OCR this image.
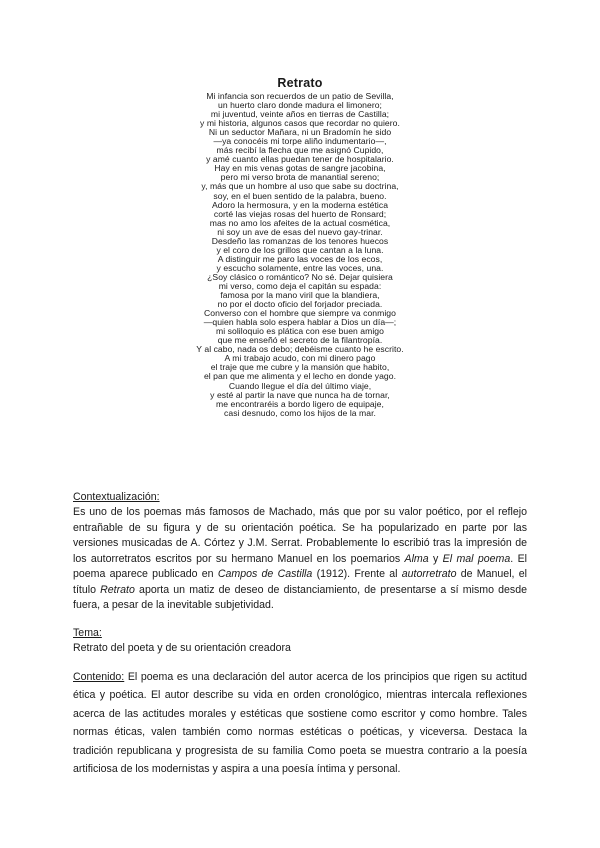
Retrato
Mi infancia son recuerdos de un patio de Sevilla,
un huerto claro donde madura el limonero;
mi juventud, veinte años en tierras de Castilla;
y mi historia, algunos casos que recordar no quiero.
Ni un seductor Mañara, ni un Bradomín he sido
—ya conocéis mi torpe aliño indumentario—,
más recibí la flecha que me asignó Cupido,
y amé cuanto ellas puedan tener de hospitalario.
Hay en mis venas gotas de sangre jacobina,
pero mi verso brota de manantial sereno;
y, más que un hombre al uso que sabe su doctrina,
soy, en el buen sentido de la palabra, bueno.
Adoro la hermosura, y en la moderna estética
corté las viejas rosas del huerto de Ronsard;
mas no amo los afeites de la actual cosmética,
ni soy un ave de esas del nuevo gay-trinar.
Desdeño las romanzas de los tenores huecos
y el coro de los grillos que cantan a la luna.
A distinguir me paro las voces de los ecos,
y escucho solamente, entre las voces, una.
¿Soy clásico o romántico? No sé. Dejar quisiera
mi verso, como deja el capitán su espada:
famosa por la mano viril que la blandiera,
no por el docto oficio del forjador preciada.
Converso con el hombre que siempre va conmigo
—quien habla solo espera hablar a Dios un día—;
mi soliloquio es plática con ese buen amigo
que me enseñó el secreto de la filantropía.
Y al cabo, nada os debo; debéisme cuanto he escrito.
A mi trabajo acudo, con mi dinero pago
el traje que me cubre y la mansión que habito,
el pan que me alimenta y el lecho en donde yago.
Cuando llegue el día del último viaje,
y esté al partir la nave que nunca ha de tornar,
me encontraréis a bordo ligero de equipaje,
casi desnudo, como los hijos de la mar.
Contextualización:
Es uno de los poemas más famosos de Machado, más que por su valor poético, por el reflejo entrañable de su figura y de su orientación poética. Se ha popularizado en parte por las versiones musicadas de A. Córtez y J.M. Serrat. Probablemente lo escribió tras la impresión de los autorretratos escritos por su hermano Manuel en los poemarios Alma y El mal poema. El poema aparece publicado en Campos de Castilla (1912). Frente al autorretrato de Manuel, el título Retrato aporta un matiz de deseo de distanciamiento, de presentarse a sí mismo desde fuera, a pesar de la inevitable subjetividad.
Tema:
Retrato del poeta y de su orientación creadora
Contenido: El poema es una declaración del autor acerca de los principios que rigen su actitud ética y poética. El autor describe su vida en orden cronológico, mientras intercala reflexiones acerca de las actitudes morales y estéticas que sostiene como escritor y como hombre. Tales normas éticas, valen también como normas estéticas o poéticas, y viceversa. Destaca la tradición republicana y progresista de su familia Como poeta se muestra contrario a la poesía artificiosa de los modernistas y aspira a una poesía íntima y personal.
